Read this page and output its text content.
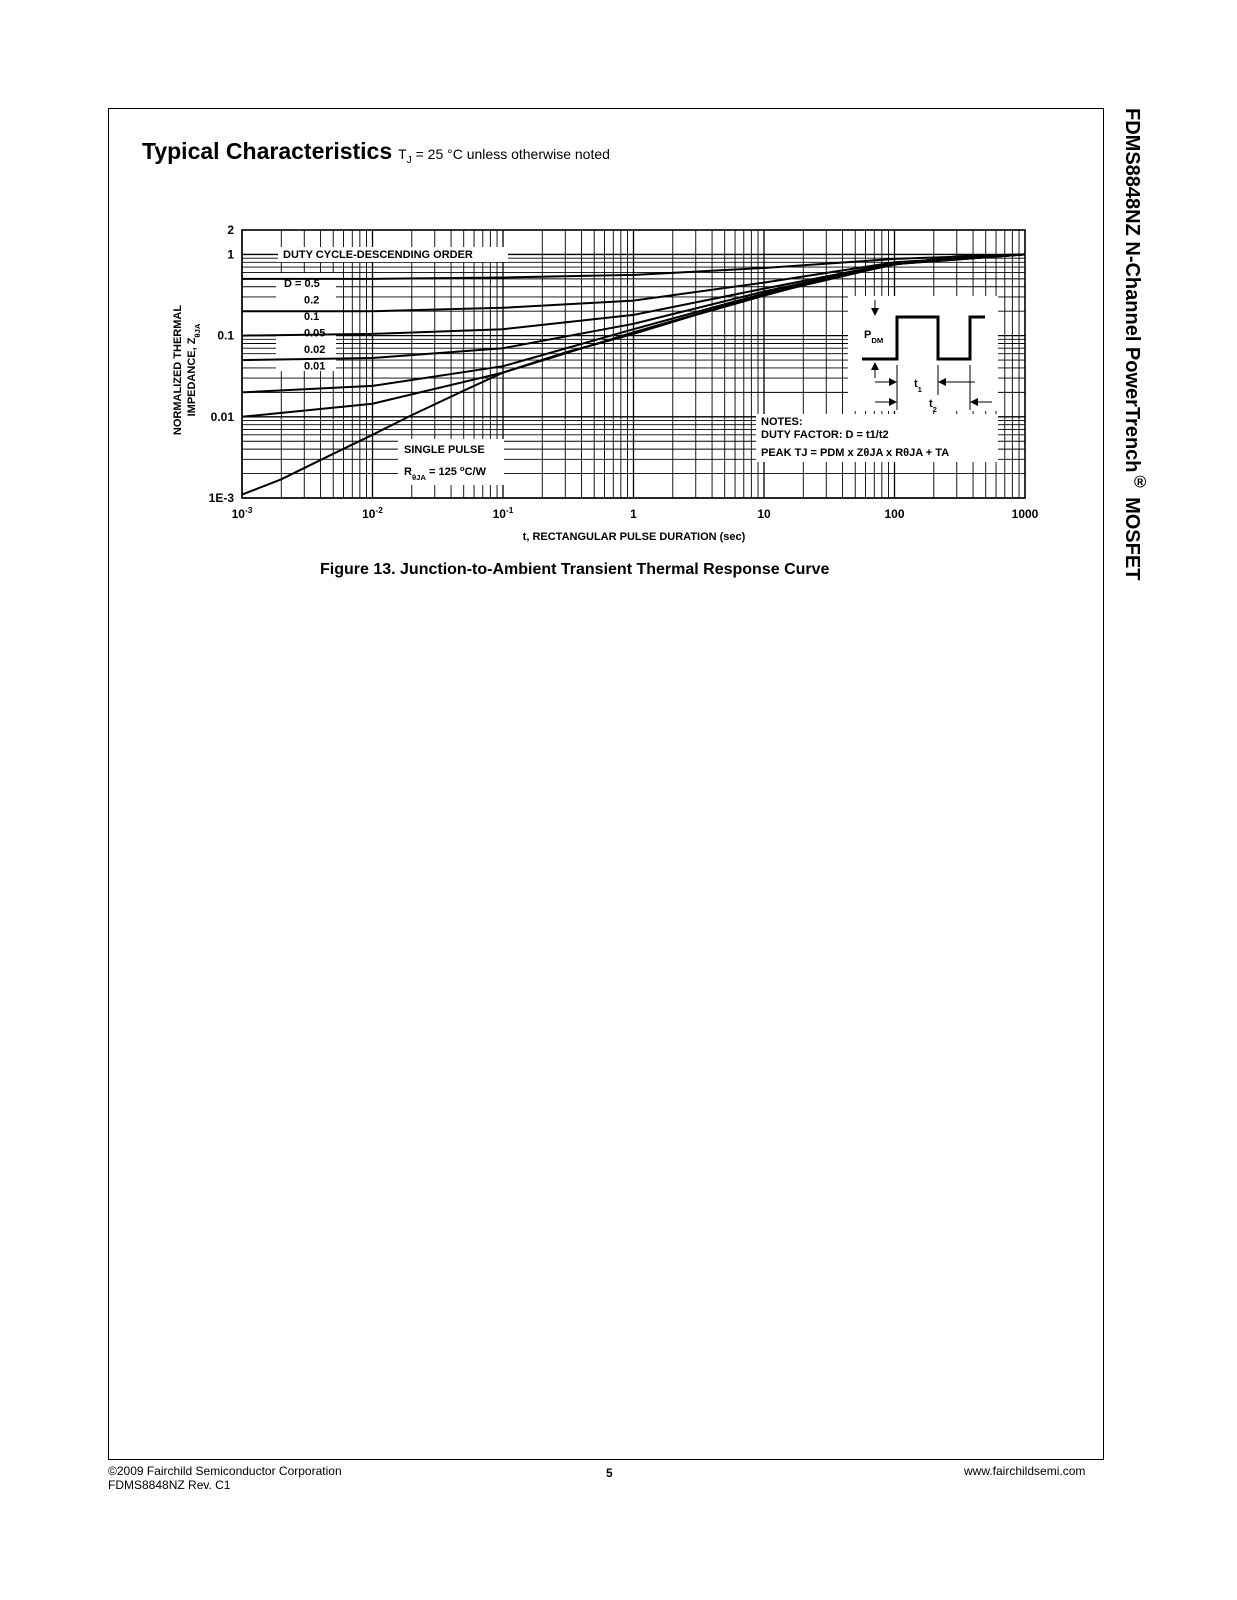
Typical Characteristics $T_J = 25$ °C unless otherwise noted	FDMS8848NZ N-Channel PowerTrench® MOSFET
2
1
0.1
0.01
1E-3
$10^{-3}$	$10^{-2}$	$10^{-1}$	1	10	100	1000
t, RECTANGULAR PULSE DURATION (sec)
NORMALIZED THERMAL IMPEDANCE, $Z_{\theta JA}$
DUTY CYCLE-DESCENDING ORDER
D = 0.5
0.2
0.1
0.05
0.02
0.01
SINGLE PULSE
$R_{\theta JA} = 125$ $^o$C/W
$P_{DM}$
$t_1$
$t_2$
NOTES:
DUTY FACTOR: D = t1/t2
PEAK TJ = PDM x ZθJA x RθJA + TA
Figure 13. Junction-to-Ambient Transient Thermal Response Curve
©2009 Fairchild Semiconductor Corporation
FDMS8848NZ Rev. C1
5	www.fairchildsemi.com
